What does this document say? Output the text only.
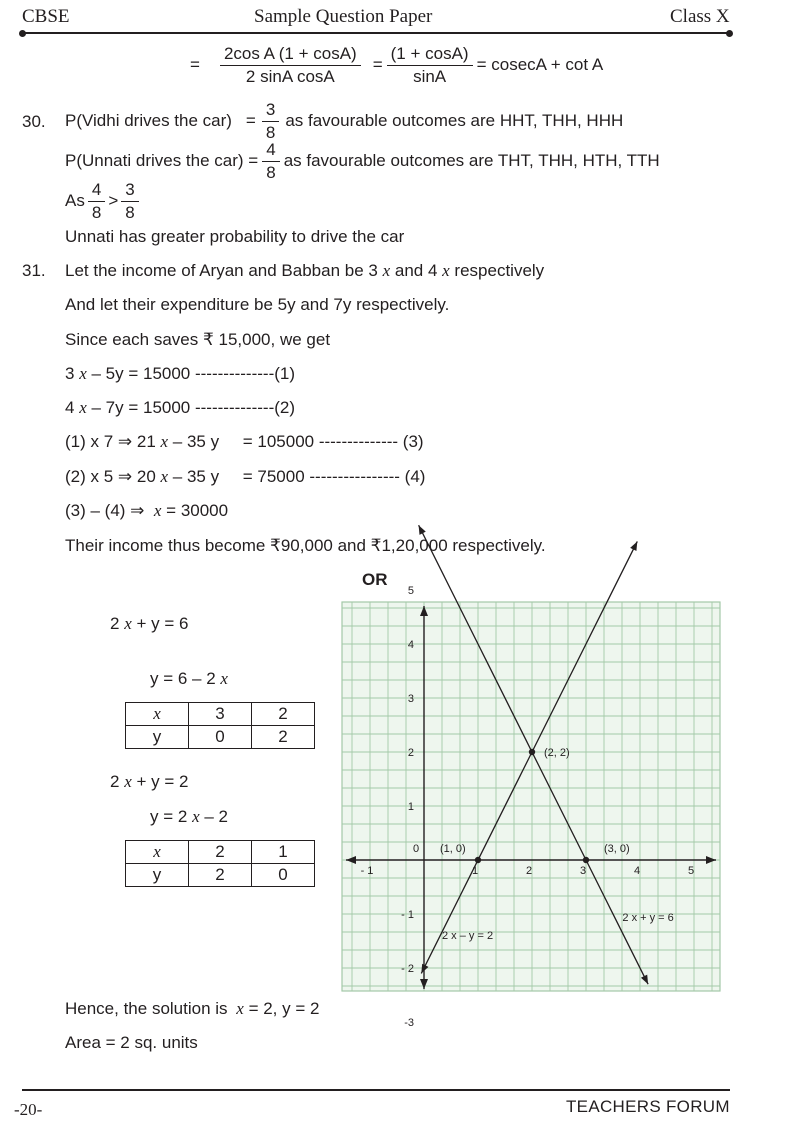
CBSE	Sample Question Paper	Class X
= $\frac{\text{2cos A (1 + cosA)}}{\text{2 sinA cosA}} = \frac{(1 + \cos A)}{\sin A} = cosecA + \cot A$
30. P(Vidhi drives the $car) = \frac{3}{8}$ as favourable outcomes are HHT, THH, HHH
P(Unnati drives the $car) = \frac{4}{8}$ as favourable outcomes are THT, THH, HTH, TTH
As $\frac{4}{8} > \frac{3}{8}$
Unnati has greater probability to drive the car
31. Let the income of Aryan and Babban be 3 x and 4 x respectively
And let their expenditure be 5y and 7y respectively.
Since each saves ₹ 15,000, we get
3 x – 5y = 15000 --------------(1)
4 x – 7y = 15000 --------------(2)
(1) x 7 ⇒ 21 x – 35 y     = 105000 -------------- (3)
(2) x 5 ⇒ 20 x – 35 y     = 75000 ---------------- (4)
(3) – (4) ⇒  x = 30000
Their income thus become ₹90,000 and ₹1,20,000 respectively.
OR
2 x + y = 6
y = 6 – 2 x
x	3	2
y	0	2
2 x + y = 2
y = 2 x – 2
x	2	1
y	2	0
Hence, the solution is x = 2, y = 2
Area = 2 sq. units
- 1
0
1	2	3	4	5
5
4
3
2
1
- 1
- 2
-3
(2, 2)
(1, 0)	(3, 0)
2 x + y = 6
2 x – y = 2
-20-	TEACHERS FORUM
